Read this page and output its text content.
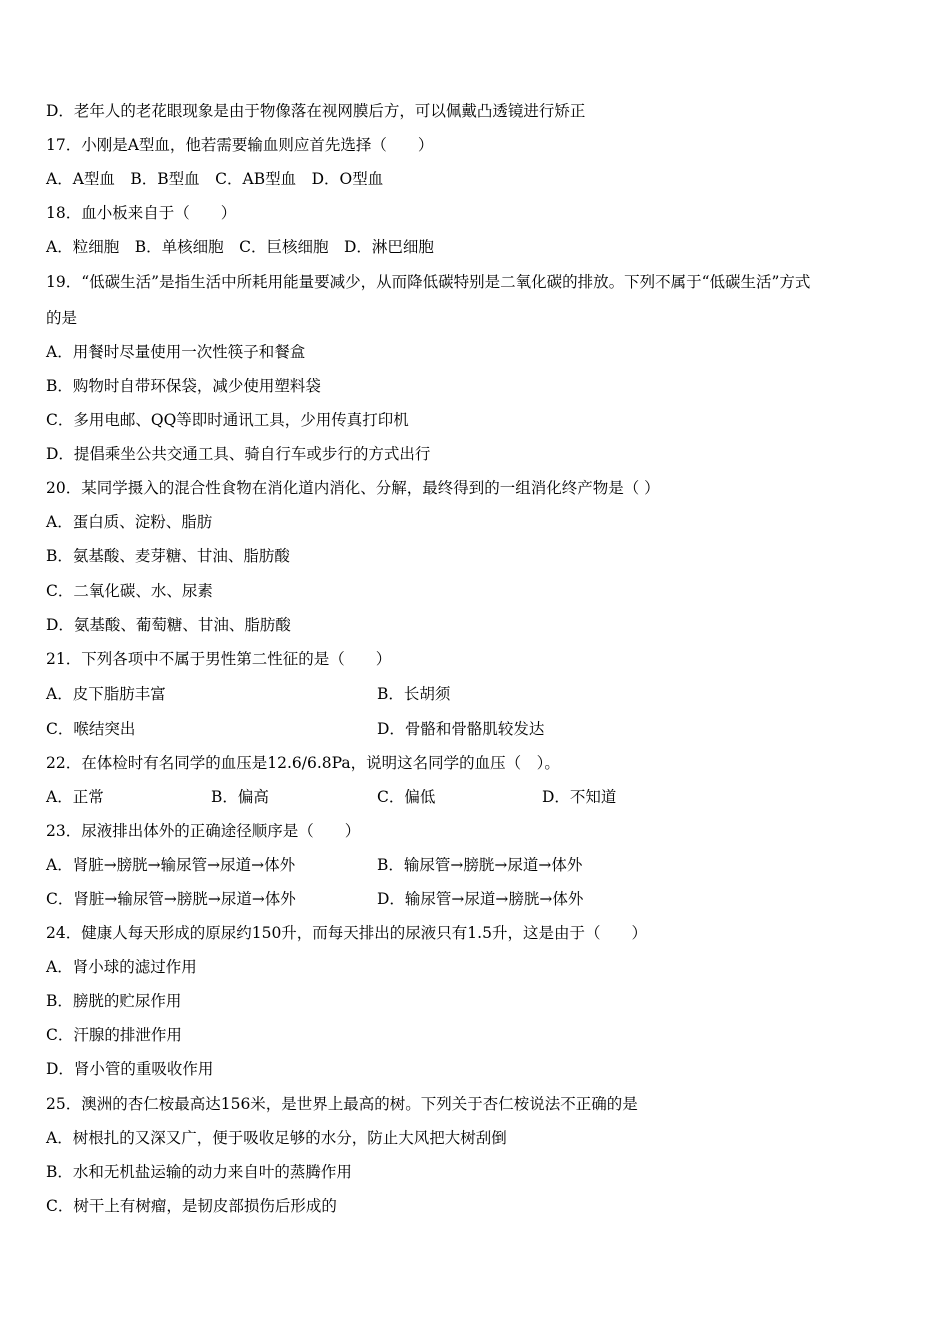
D．老年人的老花眼现象是由于物像落在视网膜后方，可以佩戴凸透镜进行矫正
17．小刚是A型血，他若需要输血则应首先选择（　　）
A．A型血　B．B型血　C．AB型血　D．O型血
18．血小板来自于（　　）
A．粒细胞　B．单核细胞　C．巨核细胞　D．淋巴细胞
19．“低碳生活”是指生活中所耗用能量要减少，从而降低碳特别是二氧化碳的排放。下列不属于“低碳生活”方式
的是
A．用餐时尽量使用一次性筷子和餐盒
B．购物时自带环保袋，减少使用塑料袋
C．多用电邮、QQ等即时通讯工具，少用传真打印机
D．提倡乘坐公共交通工具、骑自行车或步行的方式出行
20．某同学摄入的混合性食物在消化道内消化、分解，最终得到的一组消化终产物是（ ）
A．蛋白质、淀粉、脂肪
B．氨基酸、麦芽糖、甘油、脂肪酸
C．二氧化碳、水、尿素
D．氨基酸、葡萄糖、甘油、脂肪酸
21．下列各项中不属于男性第二性征的是（　　）
A．皮下脂肪丰富	B．长胡须
C．喉结突出	D．骨骼和骨骼肌较发达
22．在体检时有名同学的血压是12.6/6.8Pa，说明这名同学的血压（　）。
A．正常	B．偏高	C．偏低	D．不知道
23．尿液排出体外的正确途径顺序是（　　）
A．肾脏→膀胱→输尿管→尿道→体外	B．输尿管→膀胱→尿道→体外
C．肾脏→输尿管→膀胱→尿道→体外	D．输尿管→尿道→膀胱→体外
24．健康人每天形成的原尿约150升，而每天排出的尿液只有1.5升，这是由于（　　）
A．肾小球的滤过作用
B．膀胱的贮尿作用
C．汗腺的排泄作用
D．肾小管的重吸收作用
25．澳洲的杏仁桉最高达156米，是世界上最高的树。下列关于杏仁桉说法不正确的是
A．树根扎的又深又广，便于吸收足够的水分，防止大风把大树刮倒
B．水和无机盐运输的动力来自叶的蒸腾作用
C．树干上有树瘤，是韧皮部损伤后形成的
